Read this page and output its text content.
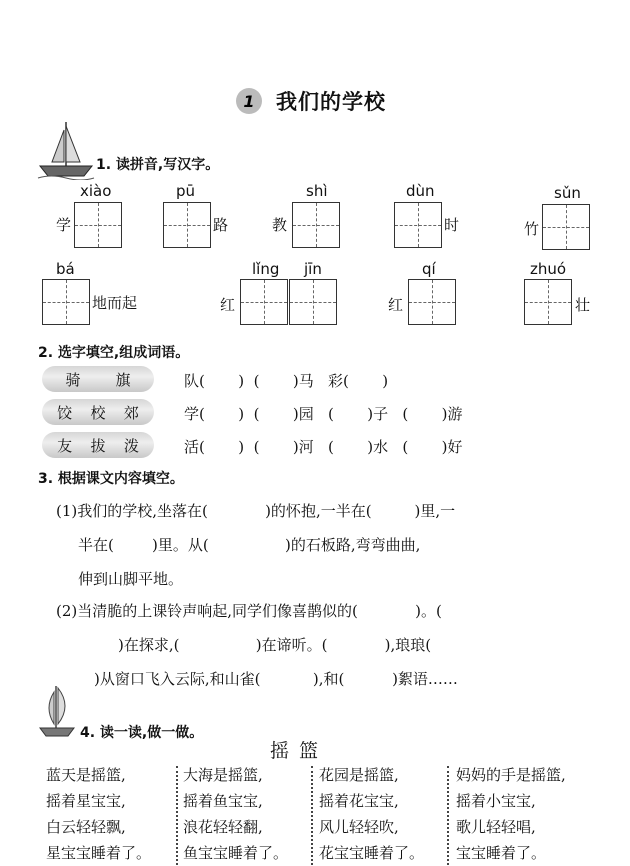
1	我们的学校
1. 读拼音,写汉字。
xiào
学
pū
路
shì
教
dùn
时
sǔn
竹
bá
地而起
lǐng
红
jīn	qí
红
zhuó
壮
2. 选字填空,组成词语。
骑 旗	队(       )  (       )马   彩(       )
饺 校 郊	学(       )  (       )园   (       )子   (       )游
友 拔 泼	活(       )  (       )河   (       )水   (       )好
3. 根据课文内容填空。
(1)我们的学校,坐落在(            )的怀抱,一半在(         )里,一
半在(        )里。从(                )的石板路,弯弯曲曲,
伸到山脚平地。
(2)当清脆的上课铃声响起,同学们像喜鹊似的(            )。(
)在探求,(                )在谛听。(            ),琅琅(
)从窗口飞入云际,和山雀(           ),和(          )絮语……
4. 读一读,做一做。
摇 篮
蓝天是摇篮,
摇着星宝宝,
白云轻轻飘,
星宝宝睡着了。
大海是摇篮,
摇着鱼宝宝,
浪花轻轻翻,
鱼宝宝睡着了。
花园是摇篮,
摇着花宝宝,
风儿轻轻吹,
花宝宝睡着了。
妈妈的手是摇篮,
摇着小宝宝,
歌儿轻轻唱,
宝宝睡着了。
